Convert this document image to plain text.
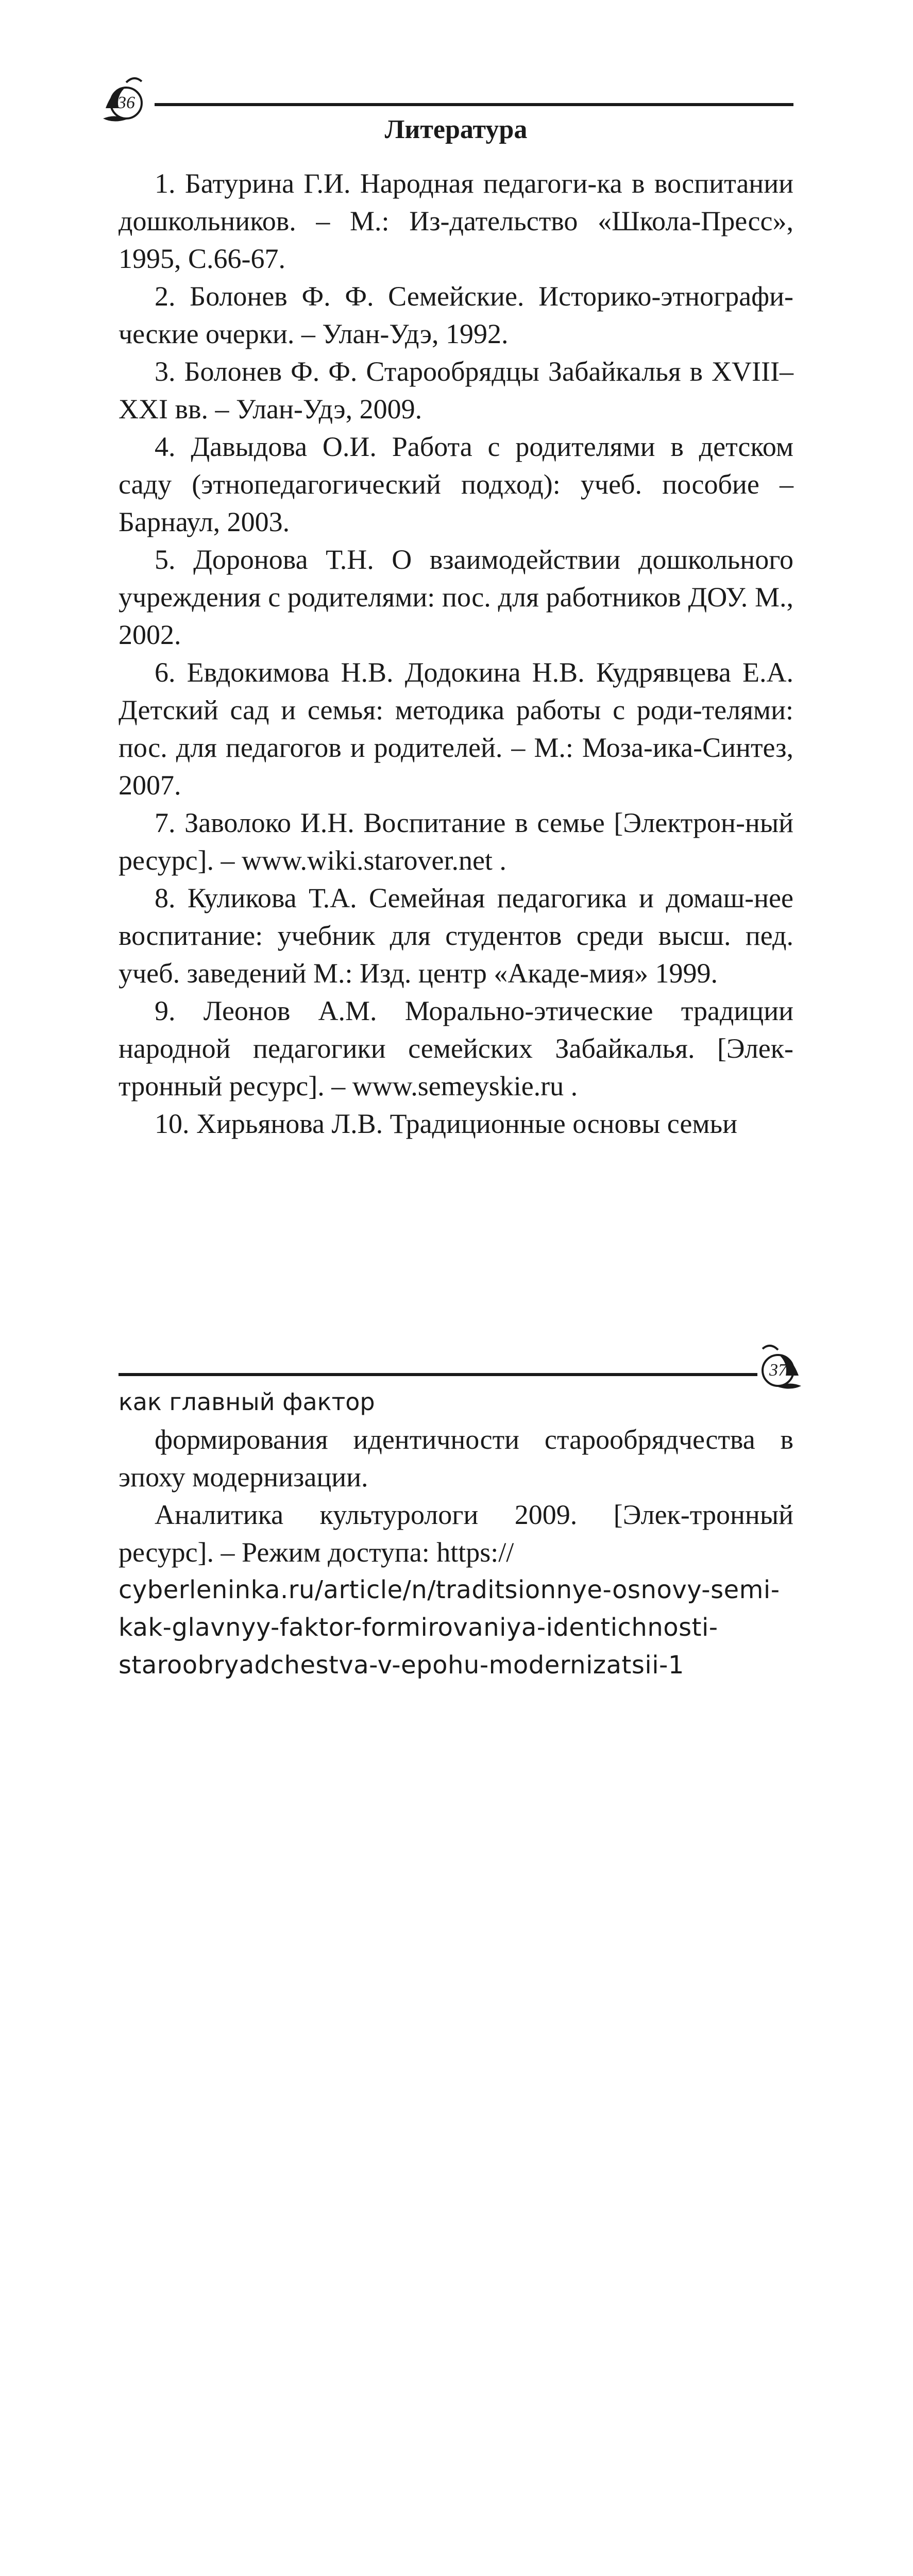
36
Литература

1. Батурина Г.И. Народная педагоги-ка в воспитании дошкольников. – М.: Из-дательство «Школа-Пресс», 1995, С.66-67.

2. Болонев Ф. Ф. Семейские. Историко-этнографи-ческие очерки. – Улан-Удэ, 1992.

3. Болонев Ф. Ф. Старообрядцы Забайкалья в XVIII–XXI вв. – Улан-Удэ, 2009.

4. Давыдова О.И. Работа с родителями в детском саду (этнопедагогический подход): учеб. пособие – Барнаул, 2003.

5. Доронова Т.Н. О взаимодействии дошкольного учреждения с родителями: пос. для работников ДОУ. М., 2002.

6. Евдокимова Н.В. Додокина Н.В. Кудрявцева Е.А. Детский сад и семья: методика работы с роди-телями: пос. для педагогов и родителей. – М.: Моза-ика-Синтез, 2007.

7. Заволоко И.Н. Воспитание в семье [Электрон-ный ресурс]. – www.wiki.starover.net .

8. Куликова Т.А. Семейная педагогика и домаш-нее воспитание: учебник для студентов среди высш. пед. учеб. заведений М.: Изд. центр «Акаде-мия» 1999.

9. Леонов А.М. Морально-этические традиции народной педагогики семейских Забайкалья. [Элек-тронный ресурс]. – www.semeyskie.ru .

10. Хирьянова Л.В. Традиционные основы семьи

37

как главный фактор

формирования идентичности старообрядчества в эпоху модернизации.

Аналитика культурологи 2009. [Элек-тронный ресурс]. – Режим доступа: https://

cyberleninka.ru/article/n/traditsionnye-osnovy-semi-

kak-glavnyy-faktor-formirovaniya-identichnosti-

staroobryadchestva-v-epohu-modernizatsii-1
